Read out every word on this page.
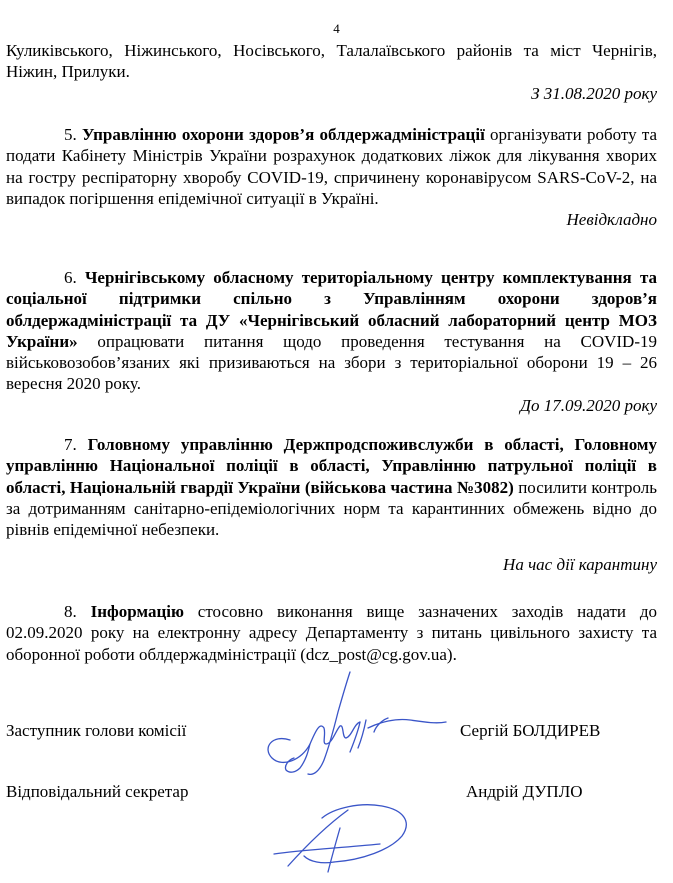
4

Куликівського, Ніжинського, Носівського, Талалаївського районів та міст Чернігів, Ніжин, Прилуки.

З 31.08.2020 року

5. Управлінню охорони здоров’я облдержадміністрації організувати роботу та подати Кабінету Міністрів України розрахунок додаткових ліжок для лікування хворих на гостру респіраторну хворобу COVID-19, спричинену коронавірусом SARS-CoV-2, на випадок погіршення епідемічної ситуації в Україні.

Невідкладно

6. Чернігівському обласному територіальному центру комплектування та соціальної підтримки спільно з Управлінням охорони здоров’я облдержадміністрації та ДУ «Чернігівський обласний лабораторний центр МОЗ України» опрацювати питання щодо проведення тестування на COVID-19 військовозобов’язаних які призиваються на збори з територіальної оборони 19 – 26 вересня 2020 року.

До 17.09.2020 року

7. Головному управлінню Держпродспоживслужби в області, Головному управлінню Національної поліції в області, Управлінню патрульної поліції в області, Національній гвардії України (військова частина №3082) посилити контроль за дотриманням санітарно-епідеміологічних норм та карантинних обмежень відно до рівнів епідемічної небезпеки.

На час дії карантину

8. Інформацію стосовно виконання вище зазначених заходів надати до 02.09.2020 року на електронну адресу Департаменту з питань цивільного захисту та оборонної роботи облдержадміністрації (dcz_post@cg.gov.ua).

Заступник голови комісії	Сергій БОЛДИРЕВ
Відповідальний секретар	Андрій ДУПЛО
